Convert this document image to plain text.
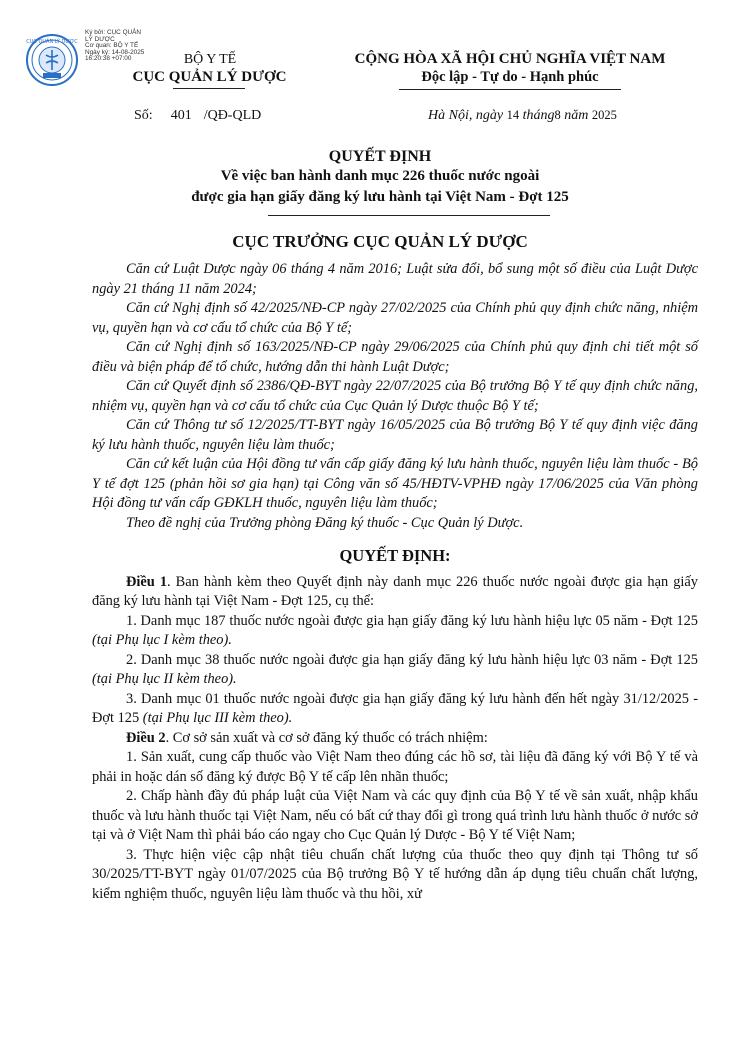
CỤC QUẢN LÝ DƯỢC
Ký bởi: CỤC QUẢN LÝ DƯỢC
Cơ quan: BỘ Y TẾ
Ngày ký: 14-08-2025 16:20:38 +07:00	BỘ Y TẾ
CỤC QUẢN LÝ DƯỢC
CỘNG HÒA XÃ HỘI CHỦ NGHĨA VIỆT NAM
Độc lập - Tự do - Hạnh phúc
Số: 401 /QĐ-QLD	Hà Nội, ngày 14 tháng8 năm 2025
QUYẾT ĐỊNH
Về việc ban hành danh mục 226 thuốc nước ngoài
được gia hạn giấy đăng ký lưu hành tại Việt Nam - Đợt 125
CỤC TRƯỞNG CỤC QUẢN LÝ DƯỢC

Căn cứ Luật Dược ngày 06 tháng 4 năm 2016; Luật sửa đổi, bổ sung một số điều của Luật Dược ngày 21 tháng 11 năm 2024;

Căn cứ Nghị định số 42/2025/NĐ-CP ngày 27/02/2025 của Chính phủ quy định chức năng, nhiệm vụ, quyền hạn và cơ cấu tổ chức của Bộ Y tế;

Căn cứ Nghị định số 163/2025/NĐ-CP ngày 29/06/2025 của Chính phủ quy định chi tiết một số điều và biện pháp để tổ chức, hướng dẫn thi hành Luật Dược;

Căn cứ Quyết định số 2386/QĐ-BYT ngày 22/07/2025 của Bộ trưởng Bộ Y tế quy định chức năng, nhiệm vụ, quyền hạn và cơ cấu tổ chức của Cục Quản lý Dược thuộc Bộ Y tế;

Căn cứ Thông tư số 12/2025/TT-BYT ngày 16/05/2025 của Bộ trưởng Bộ Y tế quy định việc đăng ký lưu hành thuốc, nguyên liệu làm thuốc;

Căn cứ kết luận của Hội đồng tư vấn cấp giấy đăng ký lưu hành thuốc, nguyên liệu làm thuốc - Bộ Y tế đợt 125 (phản hồi sơ gia hạn) tại Công văn số 45/HĐTV-VPHĐ ngày 17/06/2025 của Văn phòng Hội đồng tư vấn cấp GĐKLH thuốc, nguyên liệu làm thuốc;

Theo đề nghị của Trưởng phòng Đăng ký thuốc - Cục Quản lý Dược.

QUYẾT ĐỊNH:

Điều 1. Ban hành kèm theo Quyết định này danh mục 226 thuốc nước ngoài được gia hạn giấy đăng ký lưu hành tại Việt Nam - Đợt 125, cụ thể:

1. Danh mục 187 thuốc nước ngoài được gia hạn giấy đăng ký lưu hành hiệu lực 05 năm - Đợt 125 (tại Phụ lục I kèm theo).

2. Danh mục 38 thuốc nước ngoài được gia hạn giấy đăng ký lưu hành hiệu lực 03 năm - Đợt 125 (tại Phụ lục II kèm theo).

3. Danh mục 01 thuốc nước ngoài được gia hạn giấy đăng ký lưu hành đến hết ngày 31/12/2025 - Đợt 125 (tại Phụ lục III kèm theo).

Điều 2. Cơ sở sản xuất và cơ sở đăng ký thuốc có trách nhiệm:

1. Sản xuất, cung cấp thuốc vào Việt Nam theo đúng các hồ sơ, tài liệu đã đăng ký với Bộ Y tế và phải in hoặc dán số đăng ký được Bộ Y tế cấp lên nhãn thuốc;

2. Chấp hành đầy đủ pháp luật của Việt Nam và các quy định của Bộ Y tế về sản xuất, nhập khẩu thuốc và lưu hành thuốc tại Việt Nam, nếu có bất cứ thay đổi gì trong quá trình lưu hành thuốc ở nước sở tại và ở Việt Nam thì phải báo cáo ngay cho Cục Quản lý Dược - Bộ Y tế Việt Nam;

3. Thực hiện việc cập nhật tiêu chuẩn chất lượng của thuốc theo quy định tại Thông tư số 30/2025/TT-BYT ngày 01/07/2025 của Bộ trưởng Bộ Y tế hướng dẫn áp dụng tiêu chuẩn chất lượng, kiểm nghiệm thuốc, nguyên liệu làm thuốc và thu hồi, xử
